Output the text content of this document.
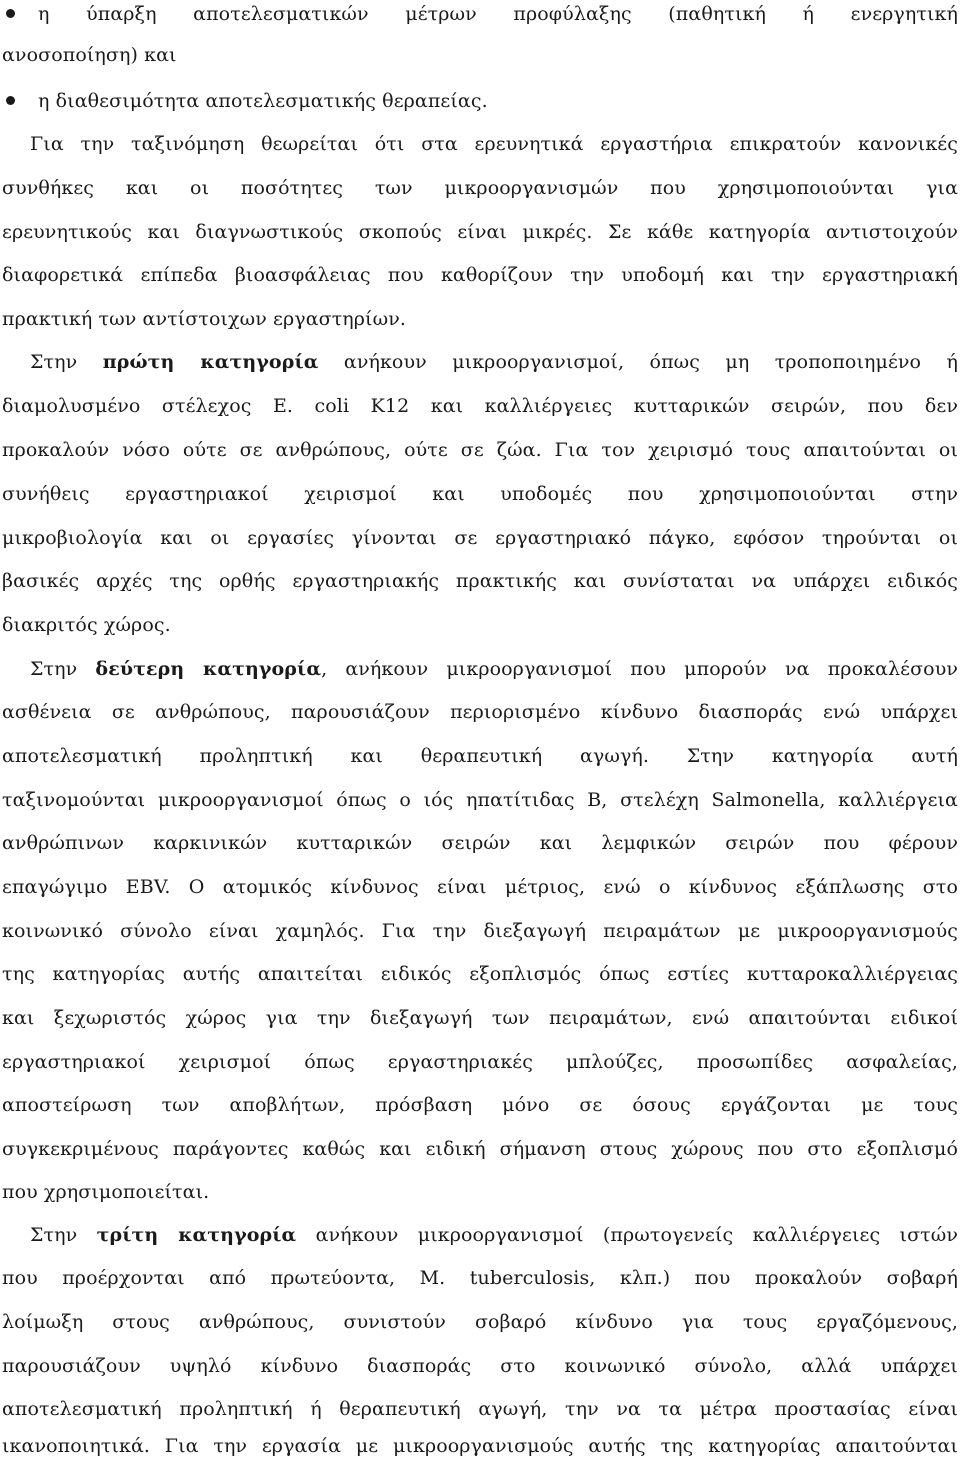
η ύπαρξη αποτελεσματικών μέτρων προφύλαξης (παθητική ή ενεργητική
ανοσοποίηση) και
η διαθεσιμότητα αποτελεσματικής θεραπείας.
Για την ταξινόμηση θεωρείται ότι στα ερευνητικά εργαστήρια επικρατούν κανονικές
συνθήκες και οι ποσότητες των μικροοργανισμών που χρησιμοποιούνται για
ερευνητικούς και διαγνωστικούς σκοπούς είναι μικρές. Σε κάθε κατηγορία αντιστοιχούν
διαφορετικά επίπεδα βιοασφάλειας που καθορίζουν την υποδομή και την εργαστηριακή
πρακτική των αντίστοιχων εργαστηρίων.
Στην πρώτη κατηγορία ανήκουν μικροοργανισμοί, όπως μη τροποποιημένο ή
διαμολυσμένο στέλεχος E. coli K12 και καλλιέργειες κυτταρικών σειρών, που δεν
προκαλούν νόσο ούτε σε ανθρώπους, ούτε σε ζώα. Για τον χειρισμό τους απαιτούνται οι
συνήθεις εργαστηριακοί χειρισμοί και υποδομές που χρησιμοποιούνται στην
μικροβιολογία και οι εργασίες γίνονται σε εργαστηριακό πάγκο, εφόσον τηρούνται οι
βασικές αρχές της ορθής εργαστηριακής πρακτικής και συνίσταται να υπάρχει ειδικός
διακριτός χώρος.
Στην δεύτερη κατηγορία, ανήκουν μικροοργανισμοί που μπορούν να προκαλέσουν
ασθένεια σε ανθρώπους, παρουσιάζουν περιορισμένο κίνδυνο διασποράς ενώ υπάρχει
αποτελεσματική προληπτική και θεραπευτική αγωγή. Στην κατηγορία αυτή
ταξινομούνται μικροοργανισμοί όπως ο ιός ηπατίτιδας Β, στελέχη Salmonella, καλλιέργεια
ανθρώπινων καρκινικών κυτταρικών σειρών και λεμφικών σειρών που φέρουν
επαγώγιμο EBV. Ο ατομικός κίνδυνος είναι μέτριος, ενώ ο κίνδυνος εξάπλωσης στο
κοινωνικό σύνολο είναι χαμηλός. Για την διεξαγωγή πειραμάτων με μικροοργανισμούς
της κατηγορίας αυτής απαιτείται ειδικός εξοπλισμός όπως εστίες κυτταροκαλλιέργειας
και ξεχωριστός χώρος για την διεξαγωγή των πειραμάτων, ενώ απαιτούνται ειδικοί
εργαστηριακοί χειρισμοί όπως εργαστηριακές μπλούζες, προσωπίδες ασφαλείας,
αποστείρωση των αποβλήτων, πρόσβαση μόνο σε όσους εργάζονται με τους
συγκεκριμένους παράγοντες καθώς και ειδική σήμανση στους χώρους που στο εξοπλισμό
που χρησιμοποιείται.
Στην τρίτη κατηγορία ανήκουν μικροοργανισμοί (πρωτογενείς καλλιέργειες ιστών
που προέρχονται από πρωτεύοντα, M. tuberculosis, κλπ.) που προκαλούν σοβαρή
λοίμωξη στους ανθρώπους, συνιστούν σοβαρό κίνδυνο για τους εργαζόμενους,
παρουσιάζουν υψηλό κίνδυνο διασποράς στο κοινωνικό σύνολο, αλλά υπάρχει
αποτελεσματική προληπτική ή θεραπευτική αγωγή, την να τα μέτρα προστασίας είναι
ικανοποιητικά. Για την εργασία με μικροοργανισμούς αυτής της κατηγορίας απαιτούνται
